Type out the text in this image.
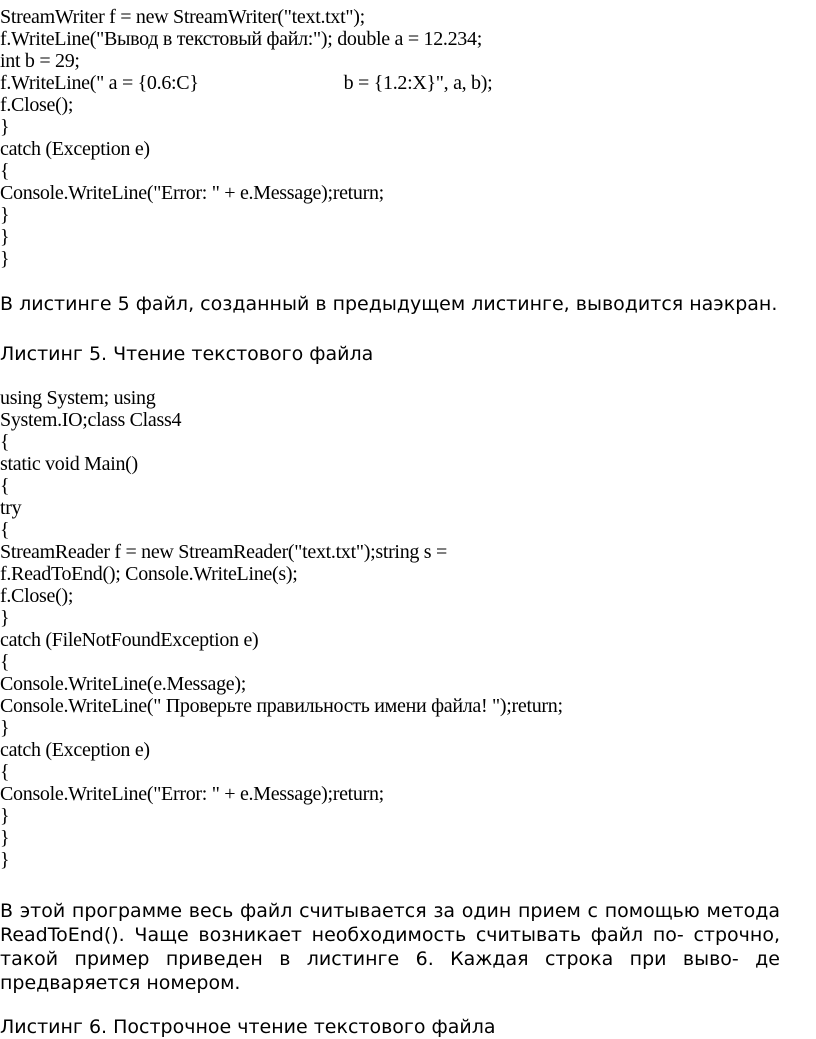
StreamWriter f = new StreamWriter("text.txt");
f.WriteLine("Вывод в текстовый файл:"); double a = 12.234;
int b = 29;
f.WriteLine(" a = {0.6:C}	b = {1.2:X}", a, b);
f.Close();
}
catch (Exception e)
{
Console.WriteLine("Error: " + e.Message);return;
}
}
}

В листинге 5 файл, созданный в предыдущем листинге, выводится наэкран.

Листинг 5. Чтение текстового файла

using System; using
System.IO;class Class4
{
static void Main()
{
try
{
StreamReader f = new StreamReader("text.txt");string s =
f.ReadToEnd(); Console.WriteLine(s);
f.Close();
}
catch (FileNotFoundException e)
{
Console.WriteLine(e.Message);
Console.WriteLine(" Проверьте правильность имени файла! ");return;
}
catch (Exception e)
{
Console.WriteLine("Error: " + e.Message);return;
}
}
}

В этой программе весь файл считывается за один прием с помощью метода ReadToEnd(). Чаще возникает необходимость считывать файл по- строчно, такой пример приведен в листинге 6. Каждая строка при выво- де предваряется номером.

Листинг 6. Построчное чтение текстового файла
